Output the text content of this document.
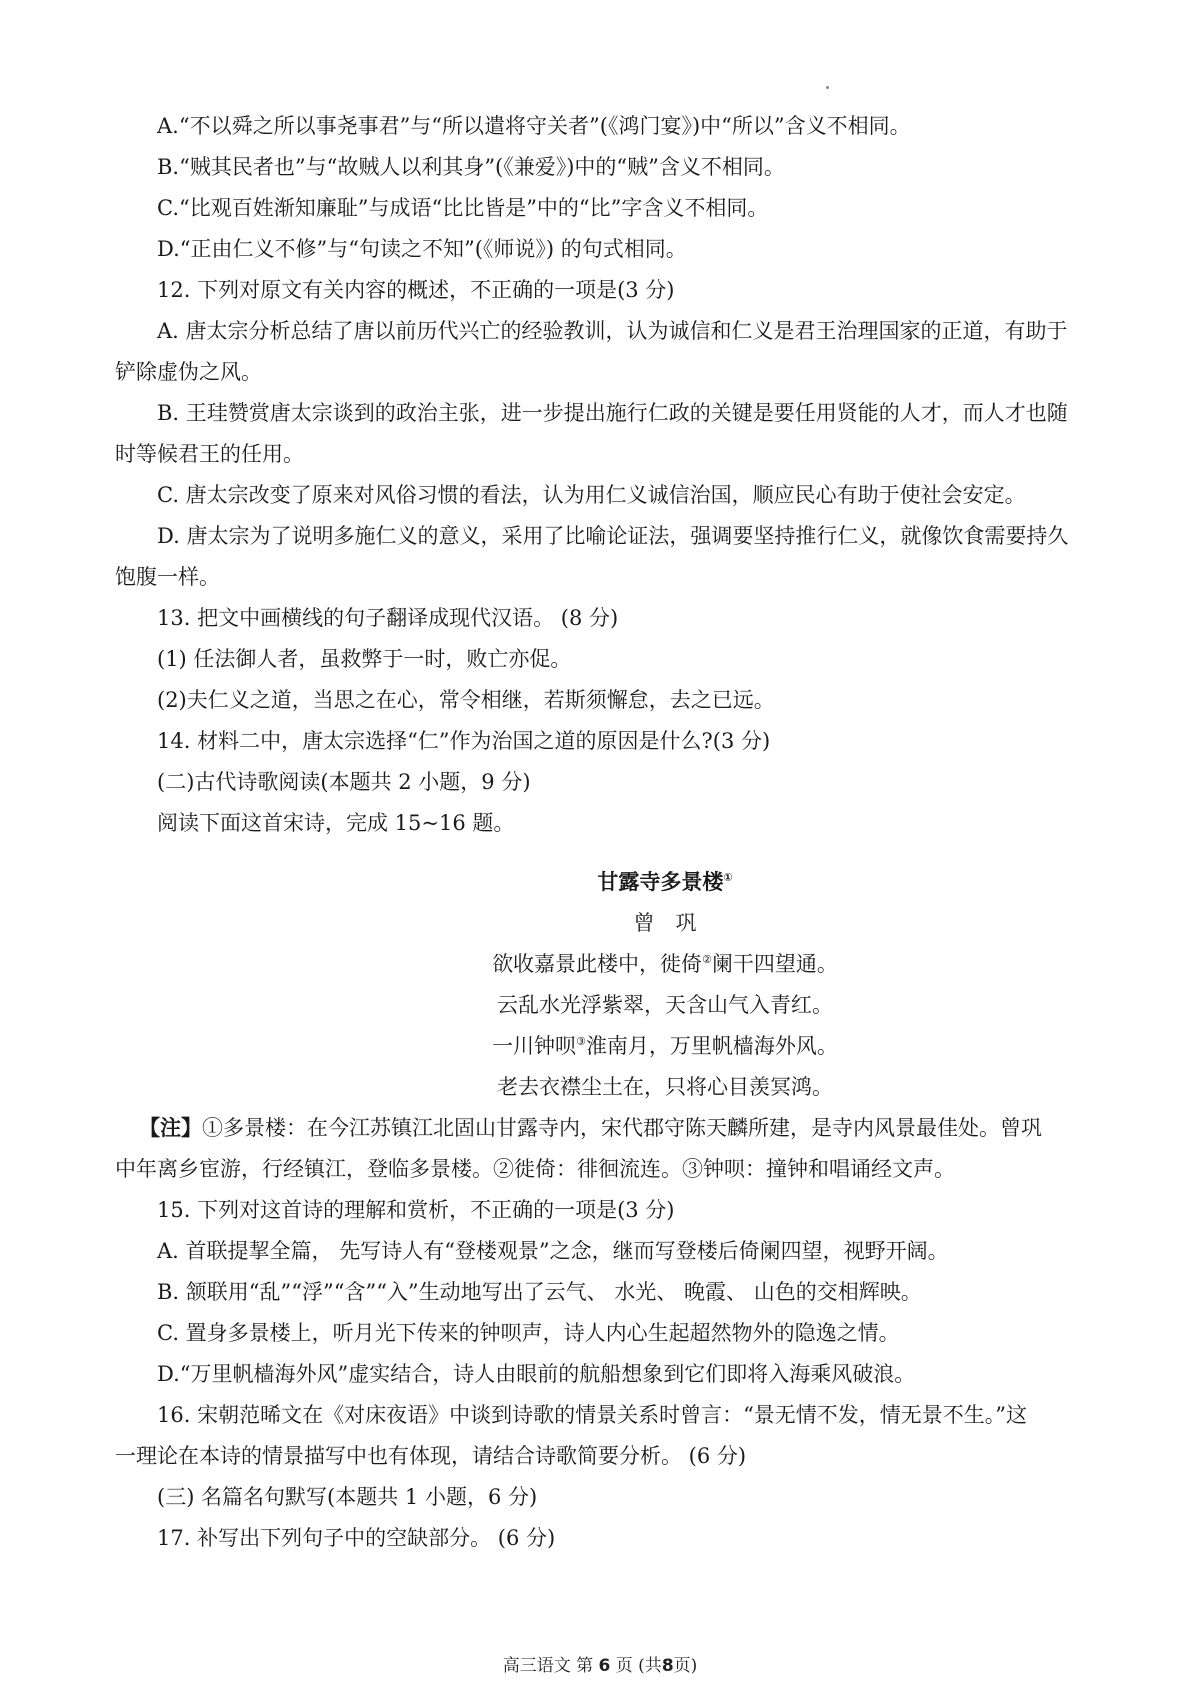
A.“不以舜之所以事尧事君”与“所以遣将守关者”(《鸿门宴》)中“所以”含义不相同。

B.“贼其民者也”与“故贼人以利其身”(《兼爱》)中的“贼”含义不相同。

C.“比观百姓渐知廉耻”与成语“比比皆是”中的“比”字含义不相同。

D.“正由仁义不修”与“句读之不知”(《师说》) 的句式相同。

12. 下列对原文有关内容的概述，不正确的一项是(3 分)

A. 唐太宗分析总结了唐以前历代兴亡的经验教训，认为诚信和仁义是君王治理国家的正道，有助于

铲除虚伪之风。

B. 王珪赞赏唐太宗谈到的政治主张，进一步提出施行仁政的关键是要任用贤能的人才，而人才也随

时等候君王的任用。

C. 唐太宗改变了原来对风俗习惯的看法，认为用仁义诚信治国，顺应民心有助于使社会安定。

D. 唐太宗为了说明多施仁义的意义，采用了比喻论证法，强调要坚持推行仁义，就像饮食需要持久

饱腹一样。

13. 把文中画横线的句子翻译成现代汉语。 (8 分)

(1) 任法御人者，虽救弊于一时，败亡亦促。

(2)夫仁义之道，当思之在心，常令相继，若斯须懈怠，去之已远。

14. 材料二中，唐太宗选择“仁”作为治国之道的原因是什么?(3 分)

(二)古代诗歌阅读(本题共 2 小题，9 分)

阅读下面这首宋诗，完成 15~16 题。

甘露寺多景楼①

曾　巩

欲收嘉景此楼中，徙倚②阑干四望通。

云乱水光浮紫翠，天含山气入青红。

一川钟呗③淮南月，万里帆樯海外风。

老去衣襟尘土在，只将心目羡冥鸿。

【注】①多景楼：在今江苏镇江北固山甘露寺内，宋代郡守陈天麟所建，是寺内风景最佳处。曾巩

中年离乡宦游，行经镇江，登临多景楼。②徙倚：徘徊流连。③钟呗：撞钟和唱诵经文声。

15. 下列对这首诗的理解和赏析，不正确的一项是(3 分)

A. 首联提挈全篇， 先写诗人有“登楼观景”之念，继而写登楼后倚阑四望，视野开阔。

B. 颔联用“乱”“浮”“含”“入”生动地写出了云气、 水光、 晚霞、 山色的交相辉映。

C. 置身多景楼上，听月光下传来的钟呗声，诗人内心生起超然物外的隐逸之情。

D.“万里帆樯海外风”虚实结合，诗人由眼前的航船想象到它们即将入海乘风破浪。

16. 宋朝范晞文在《对床夜语》中谈到诗歌的情景关系时曾言：“景无情不发，情无景不生。”这

一理论在本诗的情景描写中也有体现，请结合诗歌简要分析。 (6 分)

(三) 名篇名句默写(本题共 1 小题，6 分)

17. 补写出下列句子中的空缺部分。 (6 分)

高三语文 第 6 页 (共8页)
